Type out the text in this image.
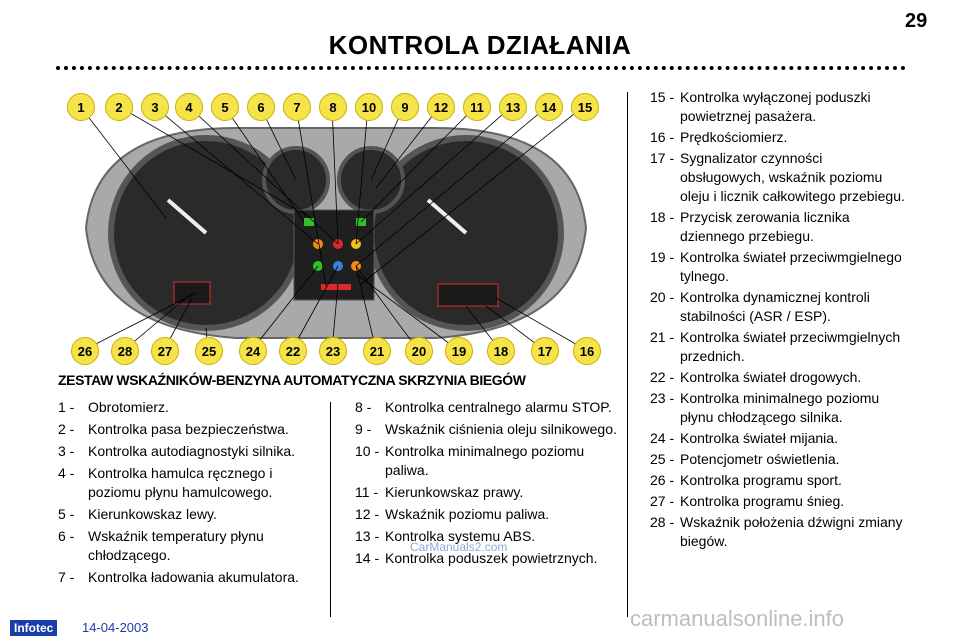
29
KONTROLA DZIAŁANIA
1	2	3	4	5	6	7	8	10	9	12	11	13	14	15
26	28	27	25	24	22	23	21	20	19	18	17	16
ZESTAW WSKAŹNIKÓW-BENZYNA AUTOMATYCZNA SKRZYNIA BIEGÓW
1 - Obrotomierz.
2 - Kontrolka pasa bezpieczeństwa.
3 - Kontrolka autodiagnostyki silnika.
4 - Kontrolka hamulca ręcznego i poziomu płynu hamulcowego.
5 - Kierunkowskaz lewy.
6 - Wskaźnik temperatury płynu chłodzącego.
7 - Kontrolka ładowania akumulatora.
8 - Kontrolka centralnego alarmu STOP.
9 - Wskaźnik ciśnienia oleju silnikowego.
10 - Kontrolka minimalnego poziomu paliwa.
11 - Kierunkowskaz prawy.
12 - Wskaźnik poziomu paliwa.
13 - Kontrolka systemu ABS.
14 - Kontrolka poduszek powietrznych.
15 - Kontrolka wyłączonej poduszki powietrznej pasażera.
16 - Prędkościomierz.
17 - Sygnalizator czynności obsługowych, wskaźnik poziomu oleju i licznik całkowitego przebiegu.
18 - Przycisk zerowania licznika dziennego przebiegu.
19 - Kontrolka świateł przeciwmgielnego tylnego.
20 - Kontrolka dynamicznej kontroli stabilności (ASR / ESP).
21 - Kontrolka świateł przeciwmgielnych przednich.
22 - Kontrolka świateł drogowych.
23 - Kontrolka minimalnego poziomu płynu chłodzącego silnika.
24 - Kontrolka świateł mijania.
25 - Potencjometr oświetlenia.
26 - Kontrolka programu sport.
27 - Kontrolka programu śnieg.
28 - Wskaźnik położenia dźwigni zmiany biegów.
CarManuals2.com
Infotec	14-04-2003	carmanualsonline.info
